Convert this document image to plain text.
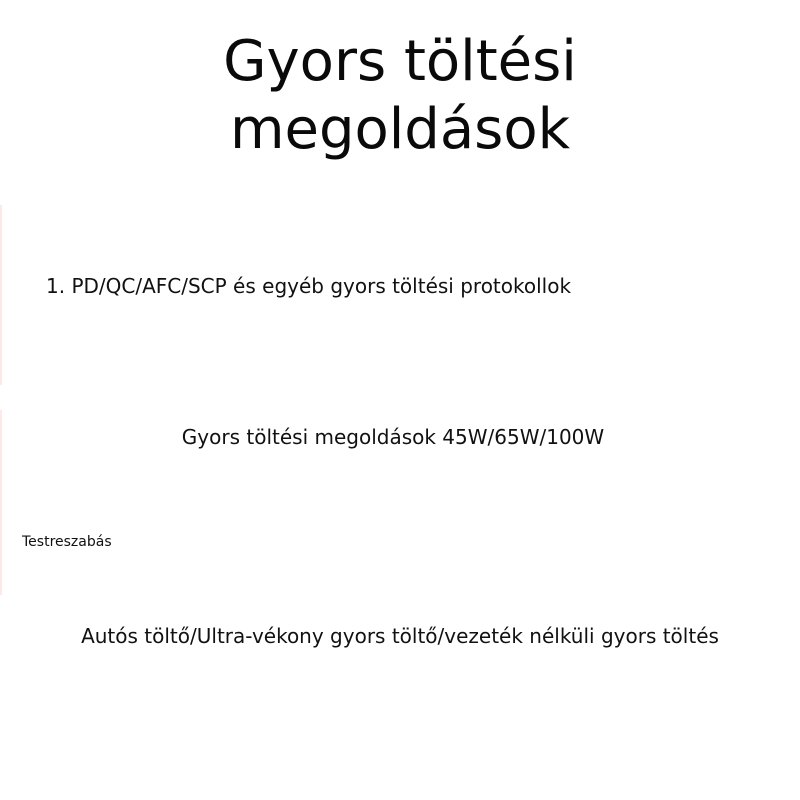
Gyors töltési
megoldások
1. PD/QC/AFC/SCP és egyéb gyors töltési protokollok
Gyors töltési megoldások 45W/65W/100W
Testreszabás
Autós töltő/Ultra-vékony gyors töltő/vezeték nélküli gyors töltés
